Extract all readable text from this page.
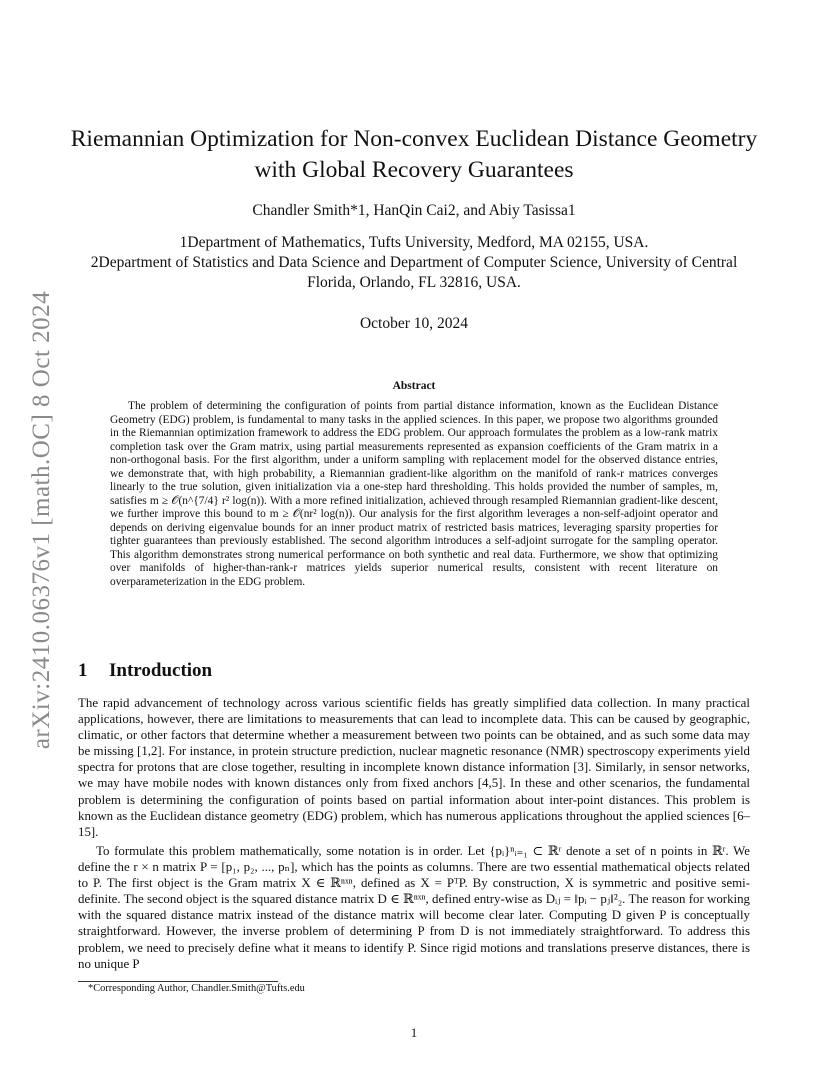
arXiv:2410.06376v1 [math.OC] 8 Oct 2024
Riemannian Optimization for Non-convex Euclidean Distance Geometry with Global Recovery Guarantees
Chandler Smith*1, HanQin Cai2, and Abiy Tasissa1
1Department of Mathematics, Tufts University, Medford, MA 02155, USA.
2Department of Statistics and Data Science and Department of Computer Science, University of Central Florida, Orlando, FL 32816, USA.
October 10, 2024
Abstract

The problem of determining the configuration of points from partial distance information, known as the Euclidean Distance Geometry (EDG) problem, is fundamental to many tasks in the applied sciences. In this paper, we propose two algorithms grounded in the Riemannian optimization framework to address the EDG problem. Our approach formulates the problem as a low-rank matrix completion task over the Gram matrix, using partial measurements represented as expansion coefficients of the Gram matrix in a non-orthogonal basis. For the first algorithm, under a uniform sampling with replacement model for the observed distance entries, we demonstrate that, with high probability, a Riemannian gradient-like algorithm on the manifold of rank-r matrices converges linearly to the true solution, given initialization via a one-step hard thresholding. This holds provided the number of samples, m, satisfies m ≥ 𝒪(n^{7/4} r² log(n)). With a more refined initialization, achieved through resampled Riemannian gradient-like descent, we further improve this bound to m ≥ 𝒪(nr² log(n)). Our analysis for the first algorithm leverages a non-self-adjoint operator and depends on deriving eigenvalue bounds for an inner product matrix of restricted basis matrices, leveraging sparsity properties for tighter guarantees than previously established. The second algorithm introduces a self-adjoint surrogate for the sampling operator. This algorithm demonstrates strong numerical performance on both synthetic and real data. Furthermore, we show that optimizing over manifolds of higher-than-rank-r matrices yields superior numerical results, consistent with recent literature on overparameterization in the EDG problem.

1 Introduction

The rapid advancement of technology across various scientific fields has greatly simplified data collection. In many practical applications, however, there are limitations to measurements that can lead to incomplete data. This can be caused by geographic, climatic, or other factors that determine whether a measurement between two points can be obtained, and as such some data may be missing [1,2]. For instance, in protein structure prediction, nuclear magnetic resonance (NMR) spectroscopy experiments yield spectra for protons that are close together, resulting in incomplete known distance information [3]. Similarly, in sensor networks, we may have mobile nodes with known distances only from fixed anchors [4,5]. In these and other scenarios, the fundamental problem is determining the configuration of points based on partial information about inter-point distances. This problem is known as the Euclidean distance geometry (EDG) problem, which has numerous applications throughout the applied sciences [6–15].

To formulate this problem mathematically, some notation is in order. Let {pᵢ}ⁿᵢ₌₁ ⊂ ℝʳ denote a set of n points in ℝʳ. We define the r × n matrix P = [p₁, p₂, ..., pₙ], which has the points as columns. There are two essential mathematical objects related to P. The first object is the Gram matrix X ∈ ℝⁿˣⁿ, defined as X = PᵀP. By construction, X is symmetric and positive semi-definite. The second object is the squared distance matrix D ∈ ℝⁿˣⁿ, defined entry-wise as Dᵢⱼ = ‖pᵢ − pⱼ‖²₂. The reason for working with the squared distance matrix instead of the distance matrix will become clear later. Computing D given P is conceptually straightforward. However, the inverse problem of determining P from D is not immediately straightforward. To address this problem, we need to precisely define what it means to identify P. Since rigid motions and translations preserve distances, there is no unique P

*Corresponding Author, Chandler.Smith@Tufts.edu
1
